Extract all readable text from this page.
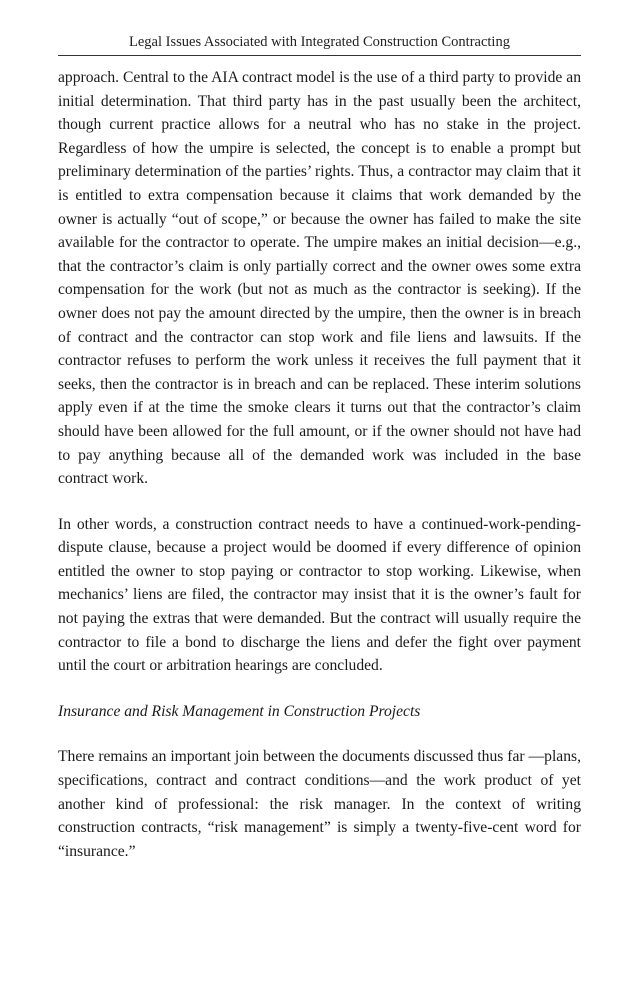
Legal Issues Associated with Integrated Construction Contracting

approach. Central to the AIA contract model is the use of a third party to provide an initial determination. That third party has in the past usually been the architect, though current practice allows for a neutral who has no stake in the project. Regardless of how the umpire is selected, the concept is to enable a prompt but preliminary determination of the parties’ rights. Thus, a contractor may claim that it is entitled to extra compensation because it claims that work demanded by the owner is actually “out of scope,” or because the owner has failed to make the site available for the contractor to operate. The umpire makes an initial decision—e.g., that the contractor’s claim is only partially correct and the owner owes some extra compensation for the work (but not as much as the contractor is seeking). If the owner does not pay the amount directed by the umpire, then the owner is in breach of contract and the contractor can stop work and file liens and lawsuits. If the contractor refuses to perform the work unless it receives the full payment that it seeks, then the contractor is in breach and can be replaced. These interim solutions apply even if at the time the smoke clears it turns out that the contractor’s claim should have been allowed for the full amount, or if the owner should not have had to pay anything because all of the demanded work was included in the base contract work.

In other words, a construction contract needs to have a continued-work-pending-dispute clause, because a project would be doomed if every difference of opinion entitled the owner to stop paying or contractor to stop working. Likewise, when mechanics’ liens are filed, the contractor may insist that it is the owner’s fault for not paying the extras that were demanded. But the contract will usually require the contractor to file a bond to discharge the liens and defer the fight over payment until the court or arbitration hearings are concluded.

Insurance and Risk Management in Construction Projects

There remains an important join between the documents discussed thus far —plans, specifications, contract and contract conditions—and the work product of yet another kind of professional: the risk manager. In the context of writing construction contracts, “risk management” is simply a twenty-five-cent word for “insurance.”
